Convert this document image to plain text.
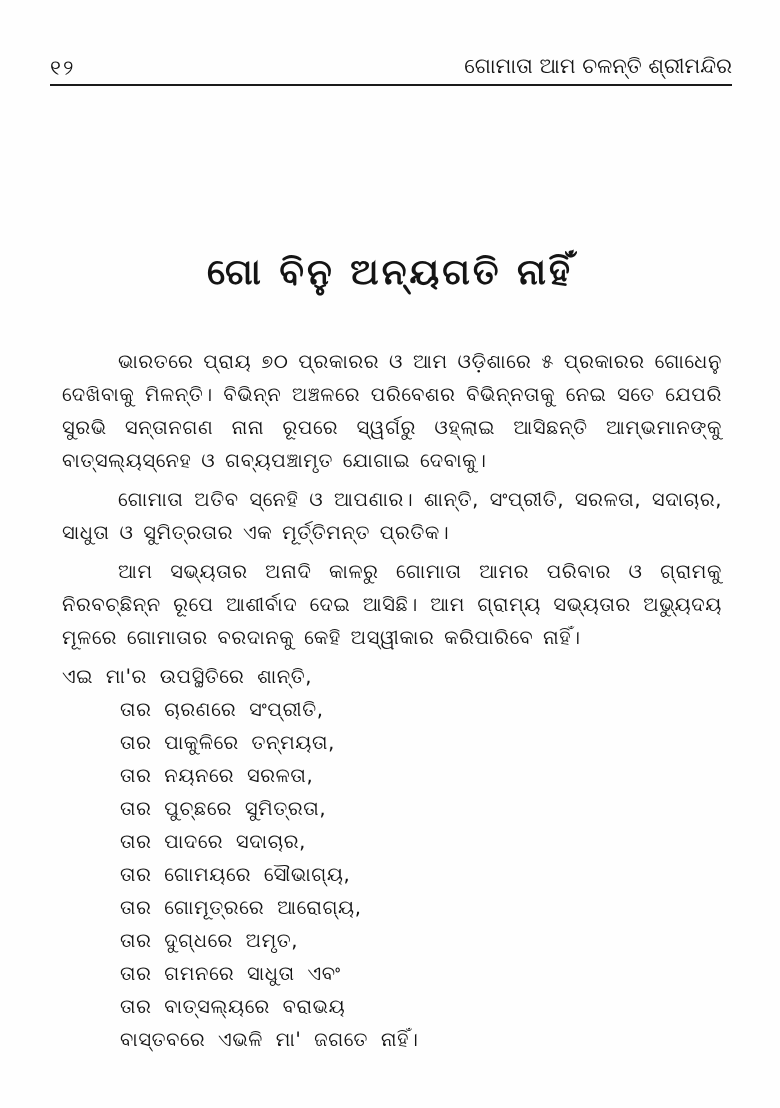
୧୨	ଗୋମାତା ଆମ ଚଳନ୍ତି ଶ୍ରୀମନ୍ଦିର
ଗୋ ବିନୁ ଅନ୍ୟଗତି ନାହିଁ

ଭାରତରେ ପ୍ରାୟ ୭୦ ପ୍ରକାରର ଓ ଆମ ଓଡ଼ିଶାରେ ୫ ପ୍ରକାରର ଗୋଧେନୁ ଦେଖିବାକୁ ମିଳନ୍ତି। ବିଭିନ୍ନ ଅଞ୍ଚଳରେ ପରିବେଶର ବିଭିନ୍ନତାକୁ ନେଇ ସତେ ଯେପରି ସୁରଭି ସନ୍ତାନଗଣ ନାନା ରୂପରେ ସ୍ୱର୍ଗରୁ ଓହ୍ଲାଇ ଆସିଛନ୍ତି ଆମ୍ଭମାନଙ୍କୁ ବାତ୍ସଲ୍ୟସ୍ନେହ ଓ ଗବ୍ୟପଞ୍ଚାମୃତ ଯୋଗାଇ ଦେବାକୁ।

ଗୋମାତା ଅତିବ ସ୍ନେହି ଓ ଆପଣାର। ଶାନ୍ତି, ସଂପ୍ରୀତି, ସରଳତା, ସଦାଚାର, ସାଧୁତା ଓ ସୁମିତ୍ରତାର ଏକ ମୂର୍ତ୍ତିମନ୍ତ ପ୍ରତିକ।

ଆମ ସଭ୍ୟତାର ଅନାଦି କାଳରୁ ଗୋମାତା ଆମର ପରିବାର ଓ ଗ୍ରାମକୁ ନିରବଚ୍ଛିନ୍ନ ରୂପେ ଆଶୀର୍ବାଦ ଦେଇ ଆସିଛି। ଆମ ଗ୍ରାମ୍ୟ ସଭ୍ୟତାର ଅଭ୍ୟୁଦୟ ମୂଳରେ ଗୋମାତାର ବରଦାନକୁ କେହି ଅସ୍ୱୀକାର କରିପାରିବେ ନାହିଁ।

ଏଇ ମା'ର ଉପସ୍ଥିତିରେ ଶାନ୍ତି,
ତାର ଚାରଣରେ ସଂପ୍ରୀତି,
ତାର ପାକୁଳିରେ ତନ୍ମୟତା,
ତାର ନୟନରେ ସରଳତା,
ତାର ପୁଚ୍ଛରେ ସୁମିତ୍ରତା,
ତାର ପାଦରେ ସଦାଚାର,
ତାର ଗୋମୟରେ ସୌଭାଗ୍ୟ,
ତାର ଗୋମୂତ୍ରରେ ଆରୋଗ୍ୟ,
ତାର ଦୁଗ୍ଧରେ ଅମୃତ,
ତାର ଗମନରେ ସାଧୁତା ଏବଂ
ତାର ବାତ୍ସଲ୍ୟରେ ବରାଭୟ
ବାସ୍ତବରେ ଏଭଳି ମା' ଜଗତେ ନାହିଁ।
